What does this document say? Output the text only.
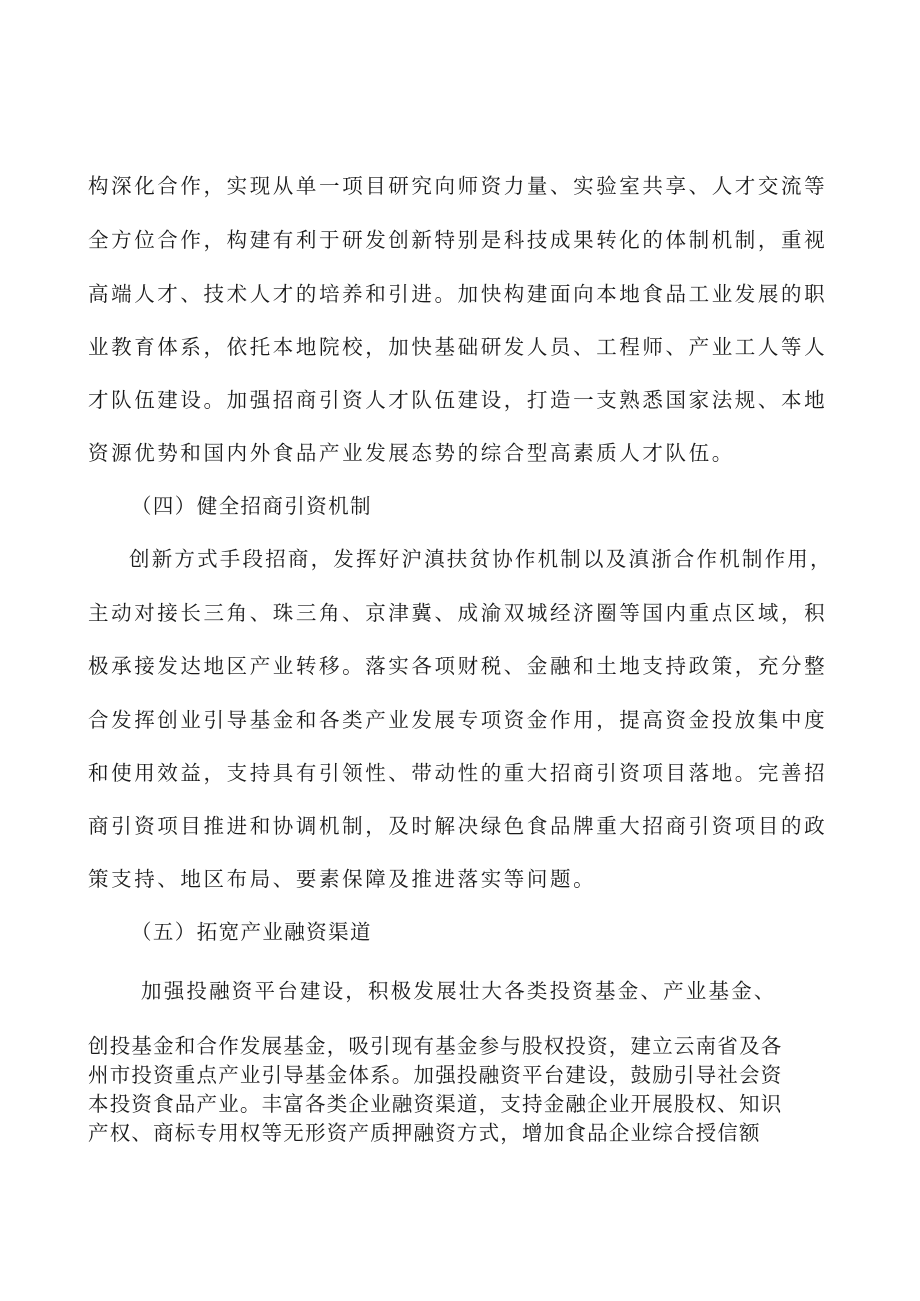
构深化合作，实现从单一项目研究向师资力量、实验室共享、人才交流等
全方位合作，构建有利于研发创新特别是科技成果转化的体制机制，重视
高端人才、技术人才的培养和引进。加快构建面向本地食品工业发展的职
业教育体系，依托本地院校，加快基础研发人员、工程师、产业工人等人
才队伍建设。加强招商引资人才队伍建设，打造一支熟悉国家法规、本地
资源优势和国内外食品产业发展态势的综合型高素质人才队伍。
（四）健全招商引资机制
创新方式手段招商，发挥好沪滇扶贫协作机制以及滇浙合作机制作用，
主动对接长三角、珠三角、京津冀、成渝双城经济圈等国内重点区域，积
极承接发达地区产业转移。落实各项财税、金融和土地支持政策，充分整
合发挥创业引导基金和各类产业发展专项资金作用，提高资金投放集中度
和使用效益，支持具有引领性、带动性的重大招商引资项目落地。完善招
商引资项目推进和协调机制，及时解决绿色食品牌重大招商引资项目的政
策支持、地区布局、要素保障及推进落实等问题。
（五）拓宽产业融资渠道
加强投融资平台建设，积极发展壮大各类投资基金、产业基金、
创投基金和合作发展基金，吸引现有基金参与股权投资，建立云南省及各
州市投资重点产业引导基金体系。加强投融资平台建设，鼓励引导社会资
本投资食品产业。丰富各类企业融资渠道，支持金融企业开展股权、知识
产权、商标专用权等无形资产质押融资方式，增加食品企业综合授信额
